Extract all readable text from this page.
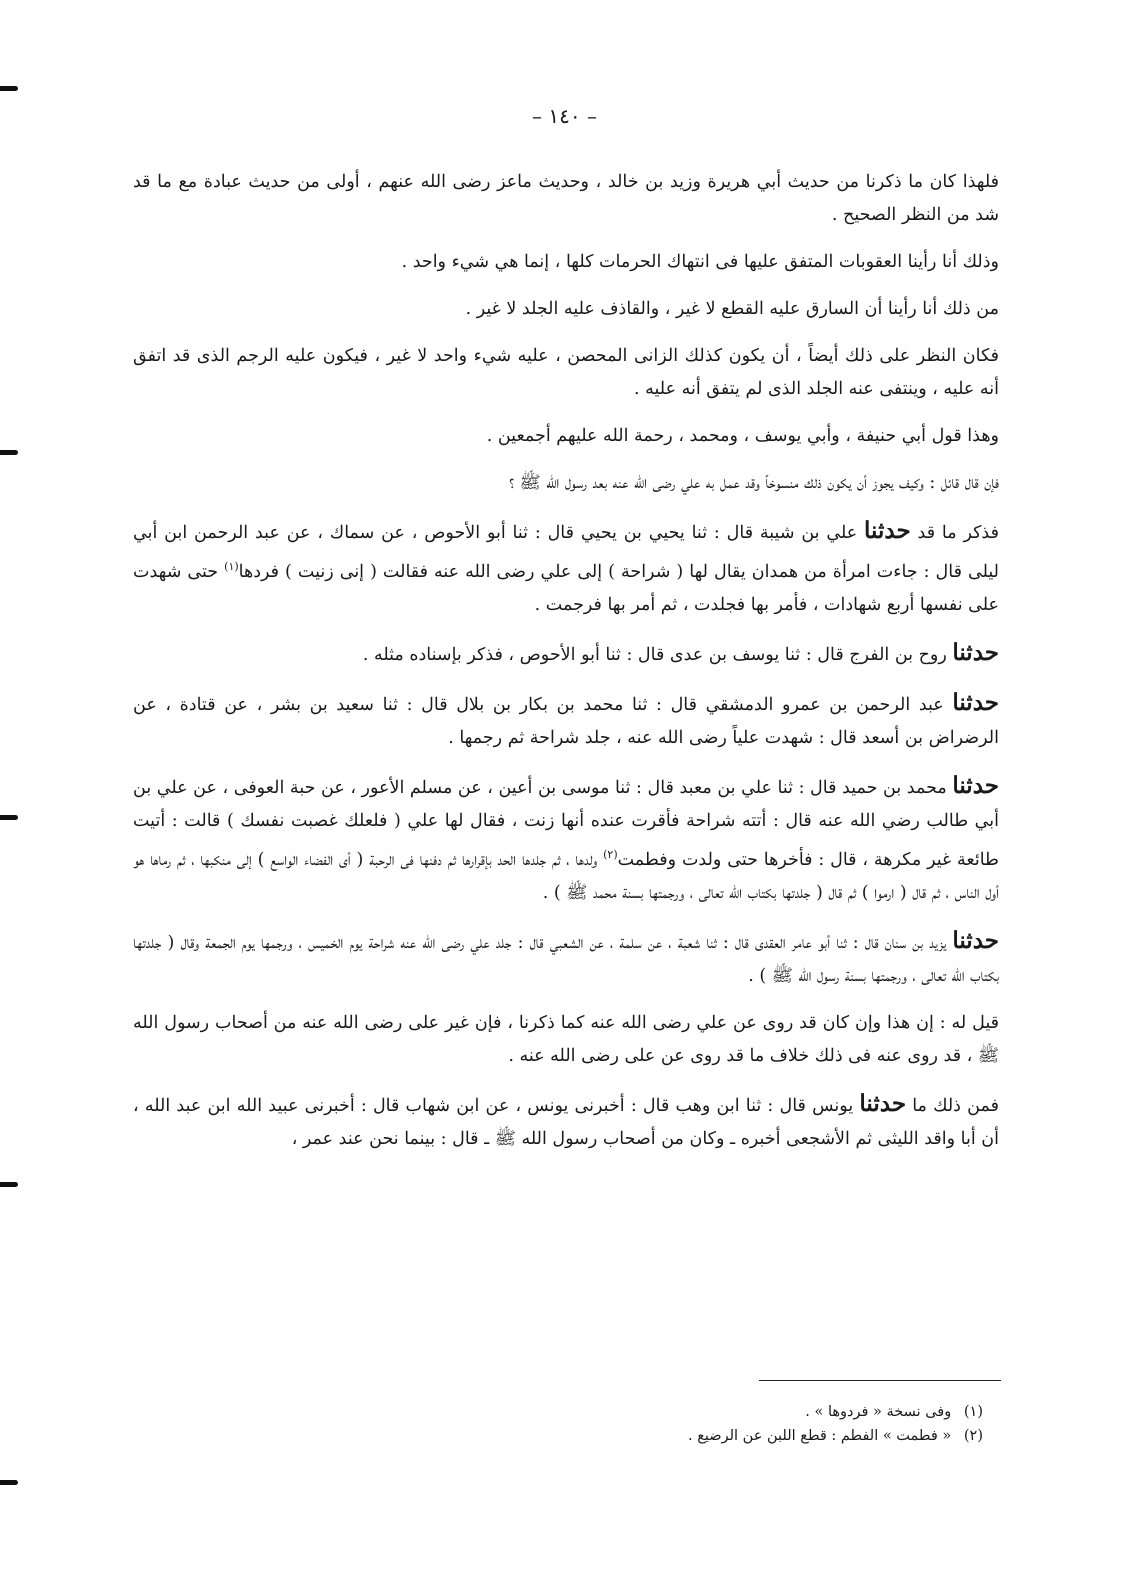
– ١٤٠ –

فلهذا كان ما ذكرنا من حديث أبي هريرة وزيد بن خالد ، وحديث ماعز رضى الله عنهم ، أولى من حديث عبادة مع ما قد شد من النظر الصحيح .

وذلك أنا رأينا العقوبات المتفق عليها فى انتهاك الحرمات كلها ، إنما هي شيء واحد .

من ذلك أنا رأينا أن السارق عليه القطع لا غير ، والقاذف عليه الجلد لا غير .

فكان النظر على ذلك أيضاً ، أن يكون كذلك الزانى المحصن ، عليه شيء واحد لا غير ، فيكون عليه الرجم الذى قد اتفق أنه عليه ، وينتفى عنه الجلد الذى لم يتفق أنه عليه .

وهذا قول أبي حنيفة ، وأبي يوسف ، ومحمد ، رحمة الله عليهم أجمعين .

فإن قال قائل : وكيف يجوز أن يكون ذلك منسوخاً وقد عمل به علي رضى الله عنه بعد رسول الله ﷺ ؟

فذكر ما قد حدثنا علي بن شيبة قال : ثنا يحيي بن يحيي قال : ثنا أبو الأحوص ، عن سماك ، عن عبد الرحمن ابن أبي ليلى قال : جاءت امرأة من همدان يقال لها ( شراحة ) إلى علي رضى الله عنه فقالت ( إنى زنيت ) فردها$^{(١)}$ حتى شهدت على نفسها أربع شهادات ، فأمر بها فجلدت ، ثم أمر بها فرجمت .

حدثنا روح بن الفرج قال : ثنا يوسف بن عدى قال : ثنا أبو الأحوص ، فذكر بإسناده مثله .

حدثنا عبد الرحمن بن عمرو الدمشقي قال : ثنا محمد بن بكار بن بلال قال : ثنا سعيد بن بشر ، عن قتادة ، عن الرضراض بن أسعد قال : شهدت علياً رضى الله عنه ، جلد شراحة ثم رجمها .

حدثنا محمد بن حميد قال : ثنا علي بن معبد قال : ثنا موسى بن أعين ، عن مسلم الأعور ، عن حبة العوفى ، عن علي بن أبي طالب رضي الله عنه قال : أتته شراحة فأقرت عنده أنها زنت ، فقال لها علي ( فلعلك غصبت نفسك ) قالت : أتيت طائعة غير مكرهة ، قال : فأخرها حتى ولدت وفطمت$^{(٢)}$ ولدها ، ثم جلدها الحد بإقرارها ثم دفنها فى الرحبة ( أى الفضاء الواسع ) إلى منكبها ، ثم رماها هو أول الناس ، ثم قال ( ارموا ) ثم قال ( جلدتها بكتاب الله تعالى ، ورجمتها بسنة محمد ﷺ ) .

حدثنا يزيد بن سنان قال : ثنا أبو عامر العقدى قال : ثنا شعبة ، عن سلمة ، عن الشعبي قال : جلد علي رضى الله عنه شراحة يوم الخميس ، ورجمها يوم الجمعة وقال ( جلدتها بكتاب الله تعالى ، ورجمتها بسنة رسول الله ﷺ ) .

قيل له : إن هذا وإن كان قد روى عن علي رضى الله عنه كما ذكرنا ، فإن غير على رضى الله عنه من أصحاب رسول الله ﷺ ، قد روى عنه فى ذلك خلاف ما قد روى عن على رضى الله عنه .

فمن ذلك ما حدثنا يونس قال : ثنا ابن وهب قال : أخبرنى يونس ، عن ابن شهاب قال : أخبرنى عبيد الله ابن عبد الله ، أن أبا واقد الليثى ثم الأشجعى أخبره ـ وكان من أصحاب رسول الله ﷺ ـ قال : بينما نحن عند عمر ،

(١) وفى نسخة « فردوها » .
(٢) « فطمت » الفطم : قطع اللبن عن الرضيع .
